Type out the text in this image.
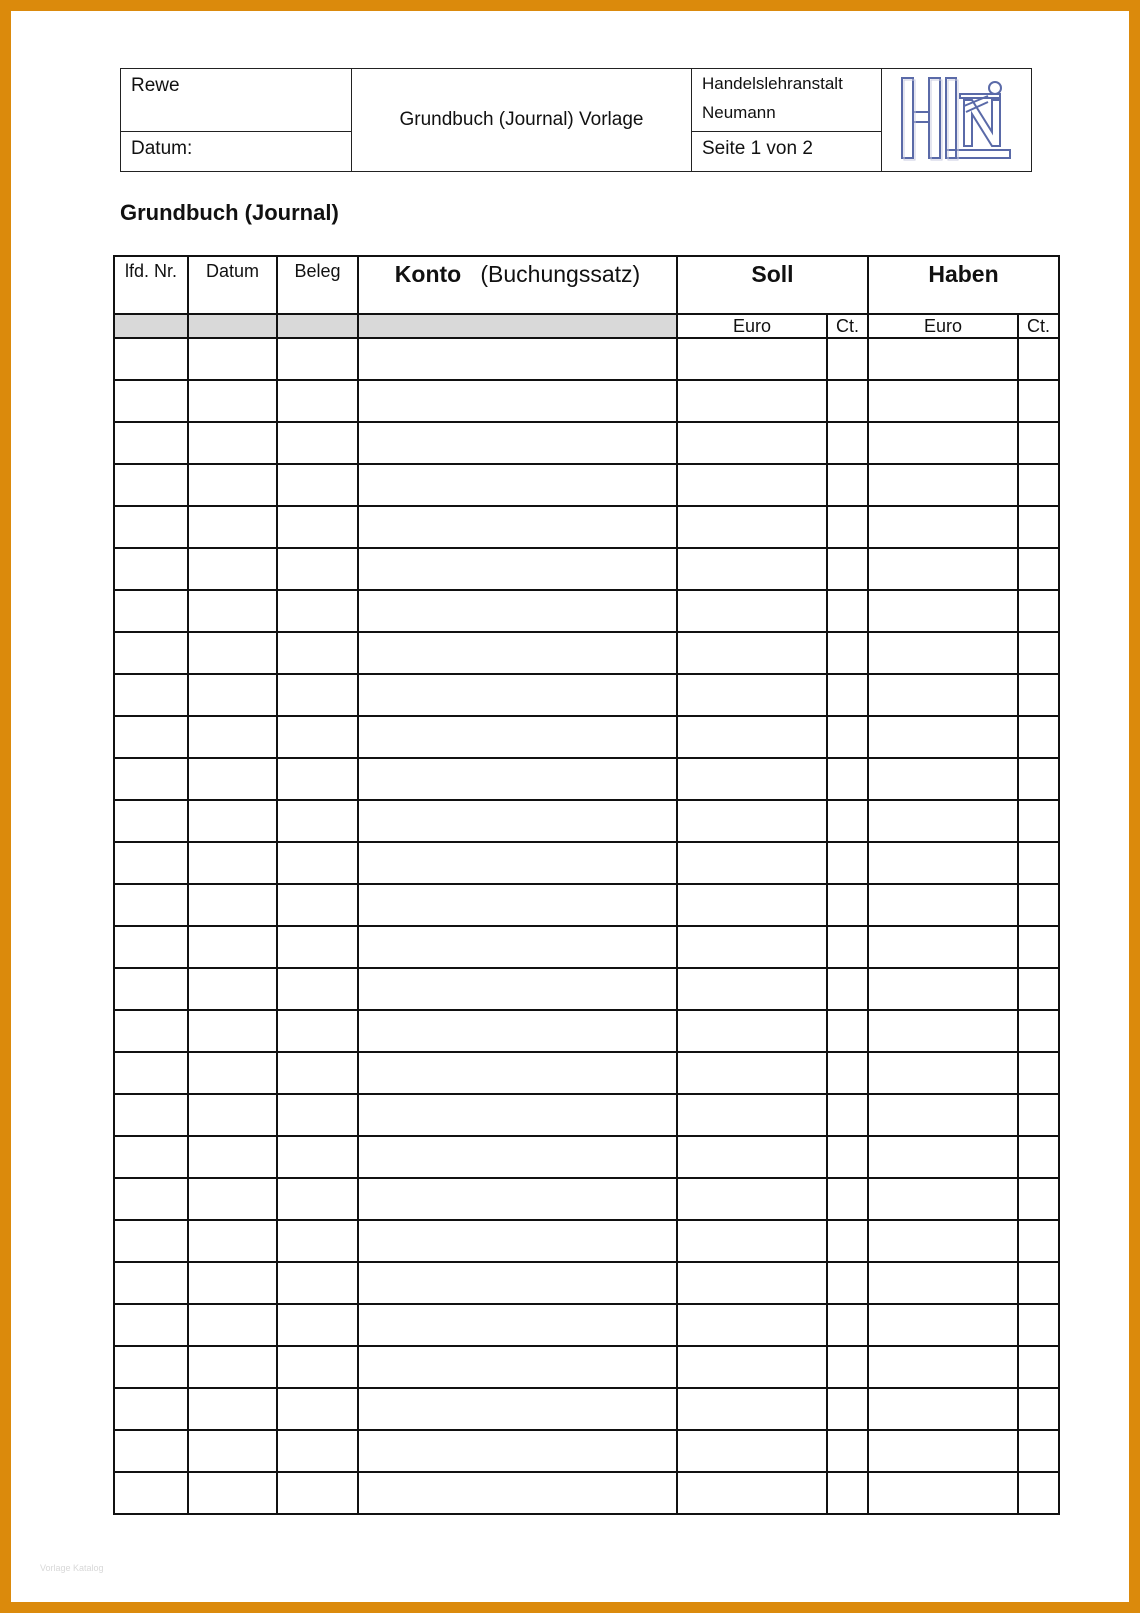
Rewe	Grundbuch (Journal) Vorlage	Handelslehranstalt Neumann	
Datum:		Seite 1 von 2	
Grundbuch (Journal)
lfd. Nr.	Datum	Beleg	Konto (Buchungssatz)	Soll		Haben	
				Euro	Ct.	Euro	Ct.

Vorlage Katalog
